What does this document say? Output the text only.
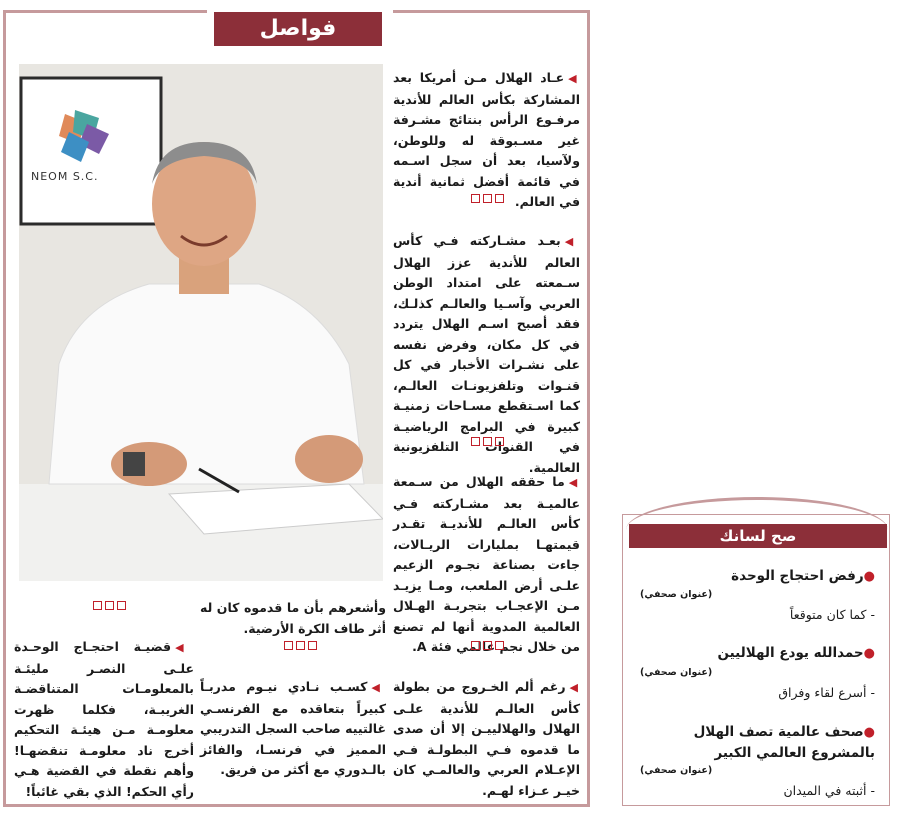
فواصل
NEOM S.C.
◀عـاد الهلال مـن أمريكا بعد المشاركة بكأس العالم للأندية مرفـوع الرأس بنتائج مشـرفة غير مسـبوقة له وللوطن، ولآسيا، بعد أن سجل اسـمه في قائمة أفضل ثمانية أندية في العالم.
◀بعـد مشـاركته فـي كأس العالم للأندية عزز الهلال سـمعته على امتداد الوطن العربي وآسـيا والعالـم كذلـك، فقد أصبح اسـم الهلال يتردد في كل مكان، وفرض نفسه على نشـرات الأخبار في كل قنـوات وتلفزيونـات العالـم، كما اسـتقطع مسـاحات زمنيـة كبيرة في البرامج الرياضيـة في القنوات التلفزيونية العالمية.
◀ما حققه الهلال من سـمعة عالميـة بعد مشـاركته فـي كأس العالـم للأنديـة تقـدر قيمتهـا بمليارات الريـالات، جاءت بصناعة نجـوم الزعيم علـى أرض الملعب، ومـا يزيـد مـن الإعجـاب بتجربـة الهـلال العالمية المدوية أنها لم تصنع من خلال نجم عالمي فئة A.
◀رغم ألم الخـروج من بطولة كأس العالـم للأندية علـى الهلال والهلالييـن إلا أن صدى ما قدموه فـي البطولـة فـي الإعـلام العربي والعالمـي كان خيـر عـزاء لهـم.
وأشعرهم بأن ما قدموه كان له أثر طاف الكرة الأرضية.
◀كسـب نـادي نيـوم مدربـاً كبيراً بتعاقده مع الفرنسـي غالتييه صاحب السجل التدريبي المميز في فرنسـا، والفائز بالـدوري مع أكثر من فريق.
◀قضيـة احتجـاج الوحـدة علـى النصـر مليئـة بالمعلومـات المتناقضـة الغريبـة، فكلما ظهرت معلومـة مـن هيئـة التحكيم أخرج ناد معلومـة تنقضهـا! وأهم نقطة في القضية هـي رأي الحكم! الذي بقي غائباً!
صح لسانك
●رفض احتجاج الوحدة
(عنوان صحفي)
- كما كان متوقعاً
●حمدالله يودع الهلاليين
(عنوان صحفي)
- أسرع لقاء وفراق
●صحف عالمية تصف الهلال بالمشروع العالمي الكبير
(عنوان صحفي)
- أثبته في الميدان
